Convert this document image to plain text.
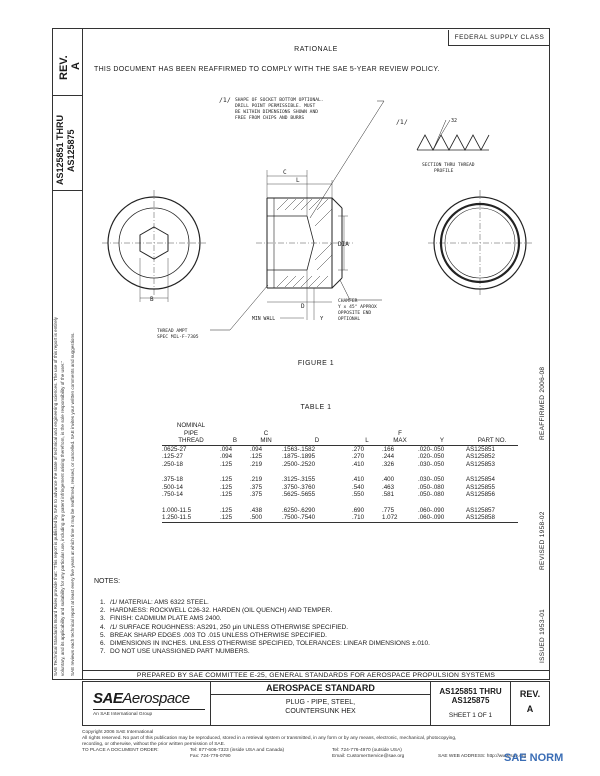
REV. A
AS125851 THRU AS125875
SAE Technical Standards Board Rules provide that: "This report is published by SAE to advance the state of technical and engineering sciences. The use of this report is entirely voluntary, and its applicability and suitability for any particular use, including any patent infringement arising therefrom, is the sole responsibility of the user." SAE reviews each technical report at least every five years at which time it may be reaffirmed, revised, or cancelled. SAE invites your written comments and suggestions.	ISSUED 1953-01
REVISED 1958-02
REAFFIRMED 2006-08
FEDERAL SUPPLY CLASS
RATIONALE
THIS DOCUMENT HAS BEEN REAFFIRMED TO COMPLY WITH THE SAE 5-YEAR REVIEW POLICY.
B
C
L
DIA
D
/1/ SHAPE OF SOCKET BOTTOM OPTIONAL. DRILL POINT PERMISSIBLE. MUST BE WITHIN DIMENSIONS SHOWN AND FREE FROM CHIPS AND BURRS	/1/	32
SECTION THRU THREAD PROFILE
CHAMFER Y x 45° APPROX OPPOSITE END OPTIONAL
Y
MIN WALL
THREAD AMPT SPEC MIL-F-7305
FIGURE 1
TABLE 1
NOMINAL							
PIPE		C			F		
THREAD	B	MIN	D	L	MAX	Y	PART NO.
.0625-27	.094	.094	.1563-.1582	.270	.166	.020-.050	AS125851
.125-27	.094	.125	.1875-.1895	.270	.244	.020-.050	AS125852
.250-18	.125	.219	.2500-.2520	.410	.326	.030-.050	AS125853

.375-18	.125	.219	.3125-.3155	.410	.400	.030-.050	AS125854
.500-14	.125	.375	.3750-.3760	.540	.463	.050-.080	AS125855
.750-14	.125	.375	.5625-.5655	.550	.581	.050-.080	AS125856

1.000-11.5	.125	.438	.6250-.6290	.690	.775	.060-.090	AS125857
1.250-11.5	.125	.500	.7500-.7540	.710	1.072	.060-.090	AS125858
NOTES:
1. /1/ MATERIAL: AMS 6322 STEEL.
2. HARDNESS: ROCKWELL C26-32. HARDEN (OIL QUENCH) AND TEMPER.
3. FINISH: CADMIUM PLATE AMS 2400.
4. /1/ SURFACE ROUGHNESS: AS291, 250 μin UNLESS OTHERWISE SPECIFIED.
5. BREAK SHARP EDGES .003 TO .015 UNLESS OTHERWISE SPECIFIED.
6. DIMENSIONS IN INCHES. UNLESS OTHERWISE SPECIFIED, TOLERANCES: LINEAR DIMENSIONS ±.010.
7. DO NOT USE UNASSIGNED PART NUMBERS.
PREPARED BY SAE COMMITTEE E-25, GENERAL STANDARDS FOR AEROSPACE PROPULSION SYSTEMS
SAEAerospace
An SAE International Group
AEROSPACE STANDARD
PLUG - PIPE, STEEL,
COUNTERSUNK HEX
AS125851 THRU
AS125875
SHEET 1 OF 1
REV.
A
Copyright 2006 SAE International
All rights reserved. No part of this publication may be reproduced, stored in a retrieval system or transmitted, in any form or by any means, electronic, mechanical, photocopying,
recording, or otherwise, without the prior written permission of SAE.
TO PLACE A DOCUMENT ORDER:	Tel: 877-606-7323 (inside USA and Canada)	Tel: 724-776-4970 (outside USA)
Fax: 724-776-0790	Email: CustomerService@sae.org	SAE WEB ADDRESS: http://www.sae.org
SAE NORM
